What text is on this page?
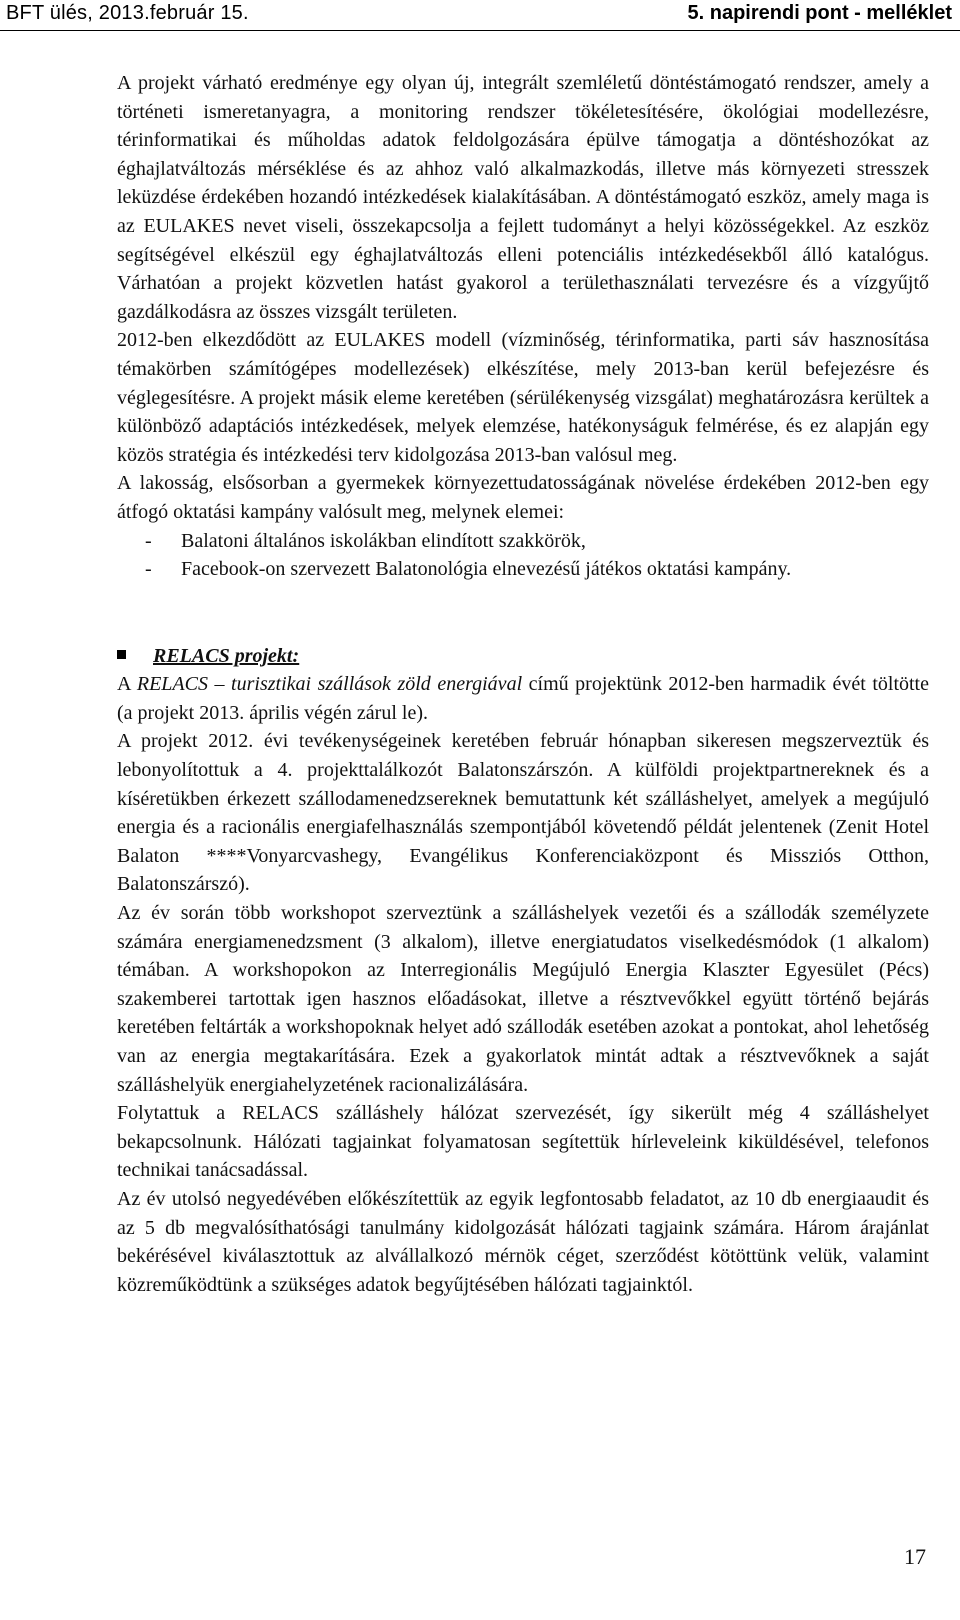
BFT ülés, 2013.február 15.	5. napirendi pont - melléklet

A projekt várható eredménye egy olyan új, integrált szemléletű döntéstámogató rendszer, amely a történeti ismeretanyagra, a monitoring rendszer tökéletesítésére, ökológiai modellezésre, térinformatikai és műholdas adatok feldolgozására épülve támogatja a döntéshozókat az éghajlatváltozás mérséklése és az ahhoz való alkalmazkodás, illetve más környezeti stresszek leküzdése érdekében hozandó intézkedések kialakításában. A döntéstámogató eszköz, amely maga is az EULAKES nevet viseli, összekapcsolja a fejlett tudományt a helyi közösségekkel. Az eszköz segítségével elkészül egy éghajlatváltozás elleni potenciális intézkedésekből álló katalógus. Várhatóan a projekt közvetlen hatást gyakorol a területhasználati tervezésre és a vízgyűjtő gazdálkodásra az összes vizsgált területen.

2012-ben elkezdődött az EULAKES modell (vízminőség, térinformatika, parti sáv hasznosítása témakörben számítógépes modellezések) elkészítése, mely 2013-ban kerül befejezésre és véglegesítésre. A projekt másik eleme keretében (sérülékenység vizsgálat) meghatározásra kerültek a különböző adaptációs intézkedések, melyek elemzése, hatékonyságuk felmérése, és ez alapján egy közös stratégia és intézkedési terv kidolgozása 2013-ban valósul meg.

A lakosság, elsősorban a gyermekek környezettudatosságának növelése érdekében 2012-ben egy átfogó oktatási kampány valósult meg, melynek elemei:

- Balatoni általános iskolákban elindított szakkörök,
- Facebook-on szervezett Balatonológia elnevezésű játékos oktatási kampány.

RELACS projekt:

A RELACS – turisztikai szállások zöld energiával című projektünk 2012-ben harmadik évét töltötte (a projekt 2013. április végén zárul le).

A projekt 2012. évi tevékenységeinek keretében február hónapban sikeresen megszerveztük és lebonyolítottuk a 4. projekttalálkozót Balatonszárszón. A külföldi projektpartnereknek és a kíséretükben érkezett szállodamenedzsereknek bemutattunk két szálláshelyet, amelyek a megújuló energia és a racionális energiafelhasználás szempontjából követendő példát jelentenek (Zenit Hotel Balaton ****Vonyarcvashegy, Evangélikus Konferenciaközpont és Missziós Otthon, Balatonszárszó).

Az év során több workshopot szerveztünk a szálláshelyek vezetői és a szállodák személyzete számára energiamenedzsment (3 alkalom), illetve energiatudatos viselkedésmódok (1 alkalom) témában. A workshopokon az Interregionális Megújuló Energia Klaszter Egyesület (Pécs) szakemberei tartottak igen hasznos előadásokat, illetve a résztvevőkkel együtt történő bejárás keretében feltárták a workshopoknak helyet adó szállodák esetében azokat a pontokat, ahol lehetőség van az energia megtakarítására. Ezek a gyakorlatok mintát adtak a résztvevőknek a saját szálláshelyük energiahelyzetének racionalizálására.

Folytattuk a RELACS szálláshely hálózat szervezését, így sikerült még 4 szálláshelyet bekapcsolnunk. Hálózati tagjainkat folyamatosan segítettük hírleveleink kiküldésével, telefonos technikai tanácsadással.

Az év utolsó negyedévében előkészítettük az egyik legfontosabb feladatot, az 10 db energiaaudit és az 5 db megvalósíthatósági tanulmány kidolgozását hálózati tagjaink számára. Három árajánlat bekérésével kiválasztottuk az alvállalkozó mérnök céget, szerződést kötöttünk velük, valamint közreműködtünk a szükséges adatok begyűjtésében hálózati tagjainktól.

17
